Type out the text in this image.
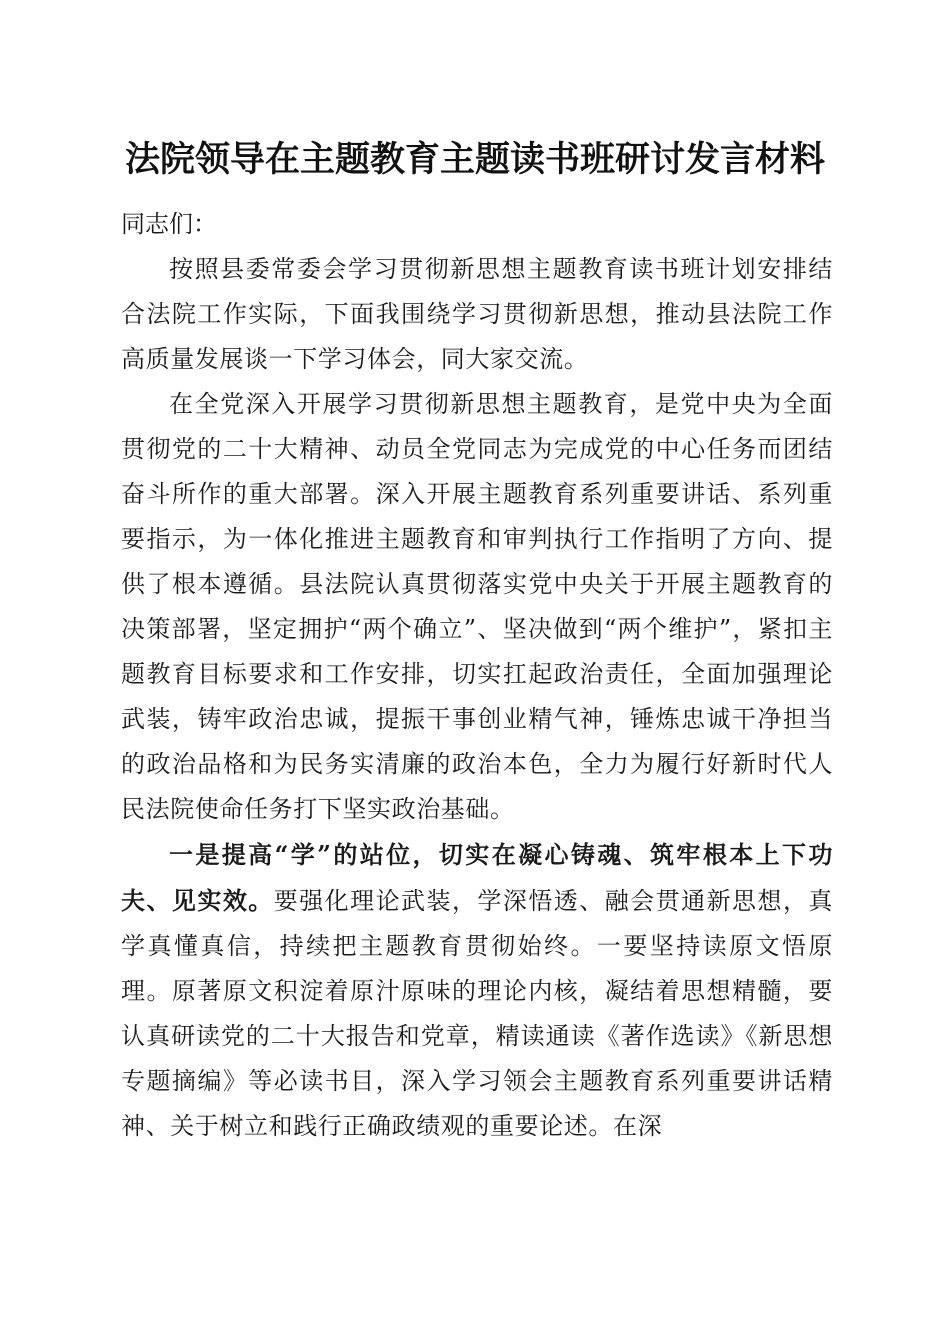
法院领导在主题教育主题读书班研讨发言材料

同志们：

按照县委常委会学习贯彻新思想主题教育读书班计划安排结合法院工作实际，下面我围绕学习贯彻新思想，推动县法院工作高质量发展谈一下学习体会，同大家交流。

在全党深入开展学习贯彻新思想主题教育，是党中央为全面贯彻党的二十大精神、动员全党同志为完成党的中心任务而团结奋斗所作的重大部署。深入开展主题教育系列重要讲话、系列重要指示，为一体化推进主题教育和审判执行工作指明了方向、提供了根本遵循。县法院认真贯彻落实党中央关于开展主题教育的决策部署，坚定拥护“两个确立”、坚决做到“两个维护”，紧扣主题教育目标要求和工作安排，切实扛起政治责任，全面加强理论武装，铸牢政治忠诚，提振干事创业精气神，锤炼忠诚干净担当的政治品格和为民务实清廉的政治本色，全力为履行好新时代人民法院使命任务打下坚实政治基础。

一是提高“学”的站位，切实在凝心铸魂、筑牢根本上下功夫、见实效。要强化理论武装，学深悟透、融会贯通新思想，真学真懂真信，持续把主题教育贯彻始终。一要坚持读原文悟原理。原著原文积淀着原汁原味的理论内核，凝结着思想精髓，要认真研读党的二十大报告和党章，精读通读《著作选读》《新思想专题摘编》等必读书目，深入学习领会主题教育系列重要讲话精神、关于树立和践行正确政绩观的重要论述。在深
